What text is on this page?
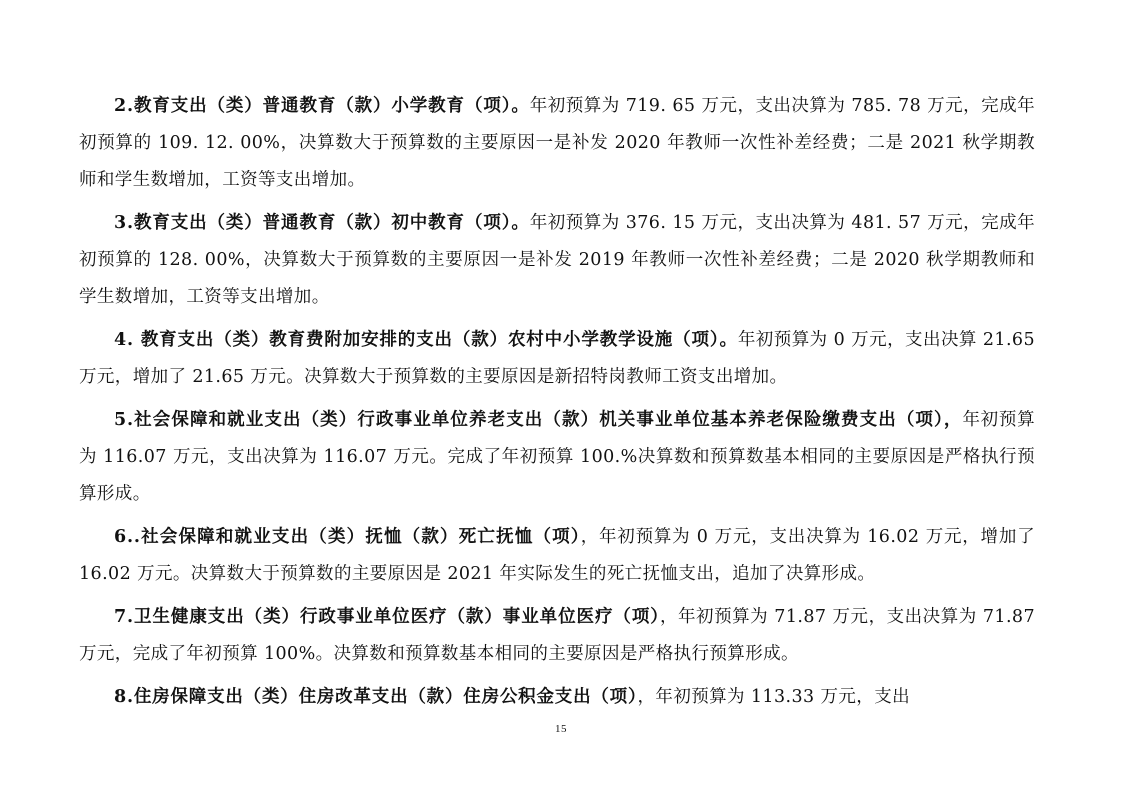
2.教育支出（类）普通教育（款）小学教育（项）。年初预算为 719. 65 万元，支出决算为 785. 78 万元，完成年初预算的 109. 12. 00%，决算数大于预算数的主要原因一是补发 2020 年教师一次性补差经费；二是 2021 秋学期教师和学生数增加，工资等支出增加。

3.教育支出（类）普通教育（款）初中教育（项）。年初预算为 376. 15 万元，支出决算为 481. 57 万元，完成年初预算的 128. 00%，决算数大于预算数的主要原因一是补发 2019 年教师一次性补差经费；二是 2020 秋学期教师和学生数增加，工资等支出增加。

4. 教育支出（类）教育费附加安排的支出（款）农村中小学教学设施（项）。年初预算为 0 万元，支出决算 21.65 万元，增加了 21.65 万元。决算数大于预算数的主要原因是新招特岗教师工资支出增加。

5.社会保障和就业支出（类）行政事业单位养老支出（款）机关事业单位基本养老保险缴费支出（项），年初预算为 116.07 万元，支出决算为 116.07 万元。完成了年初预算 100.%决算数和预算数基本相同的主要原因是严格执行预算形成。

6..社会保障和就业支出（类）抚恤（款）死亡抚恤（项），年初预算为 0 万元，支出决算为 16.02 万元，增加了 16.02 万元。决算数大于预算数的主要原因是 2021 年实际发生的死亡抚恤支出，追加了决算形成。

7.卫生健康支出（类）行政事业单位医疗（款）事业单位医疗（项），年初预算为 71.87 万元，支出决算为 71.87 万元，完成了年初预算 100%。决算数和预算数基本相同的主要原因是严格执行预算形成。

8.住房保障支出（类）住房改革支出（款）住房公积金支出（项），年初预算为 113.33 万元，支出

15
